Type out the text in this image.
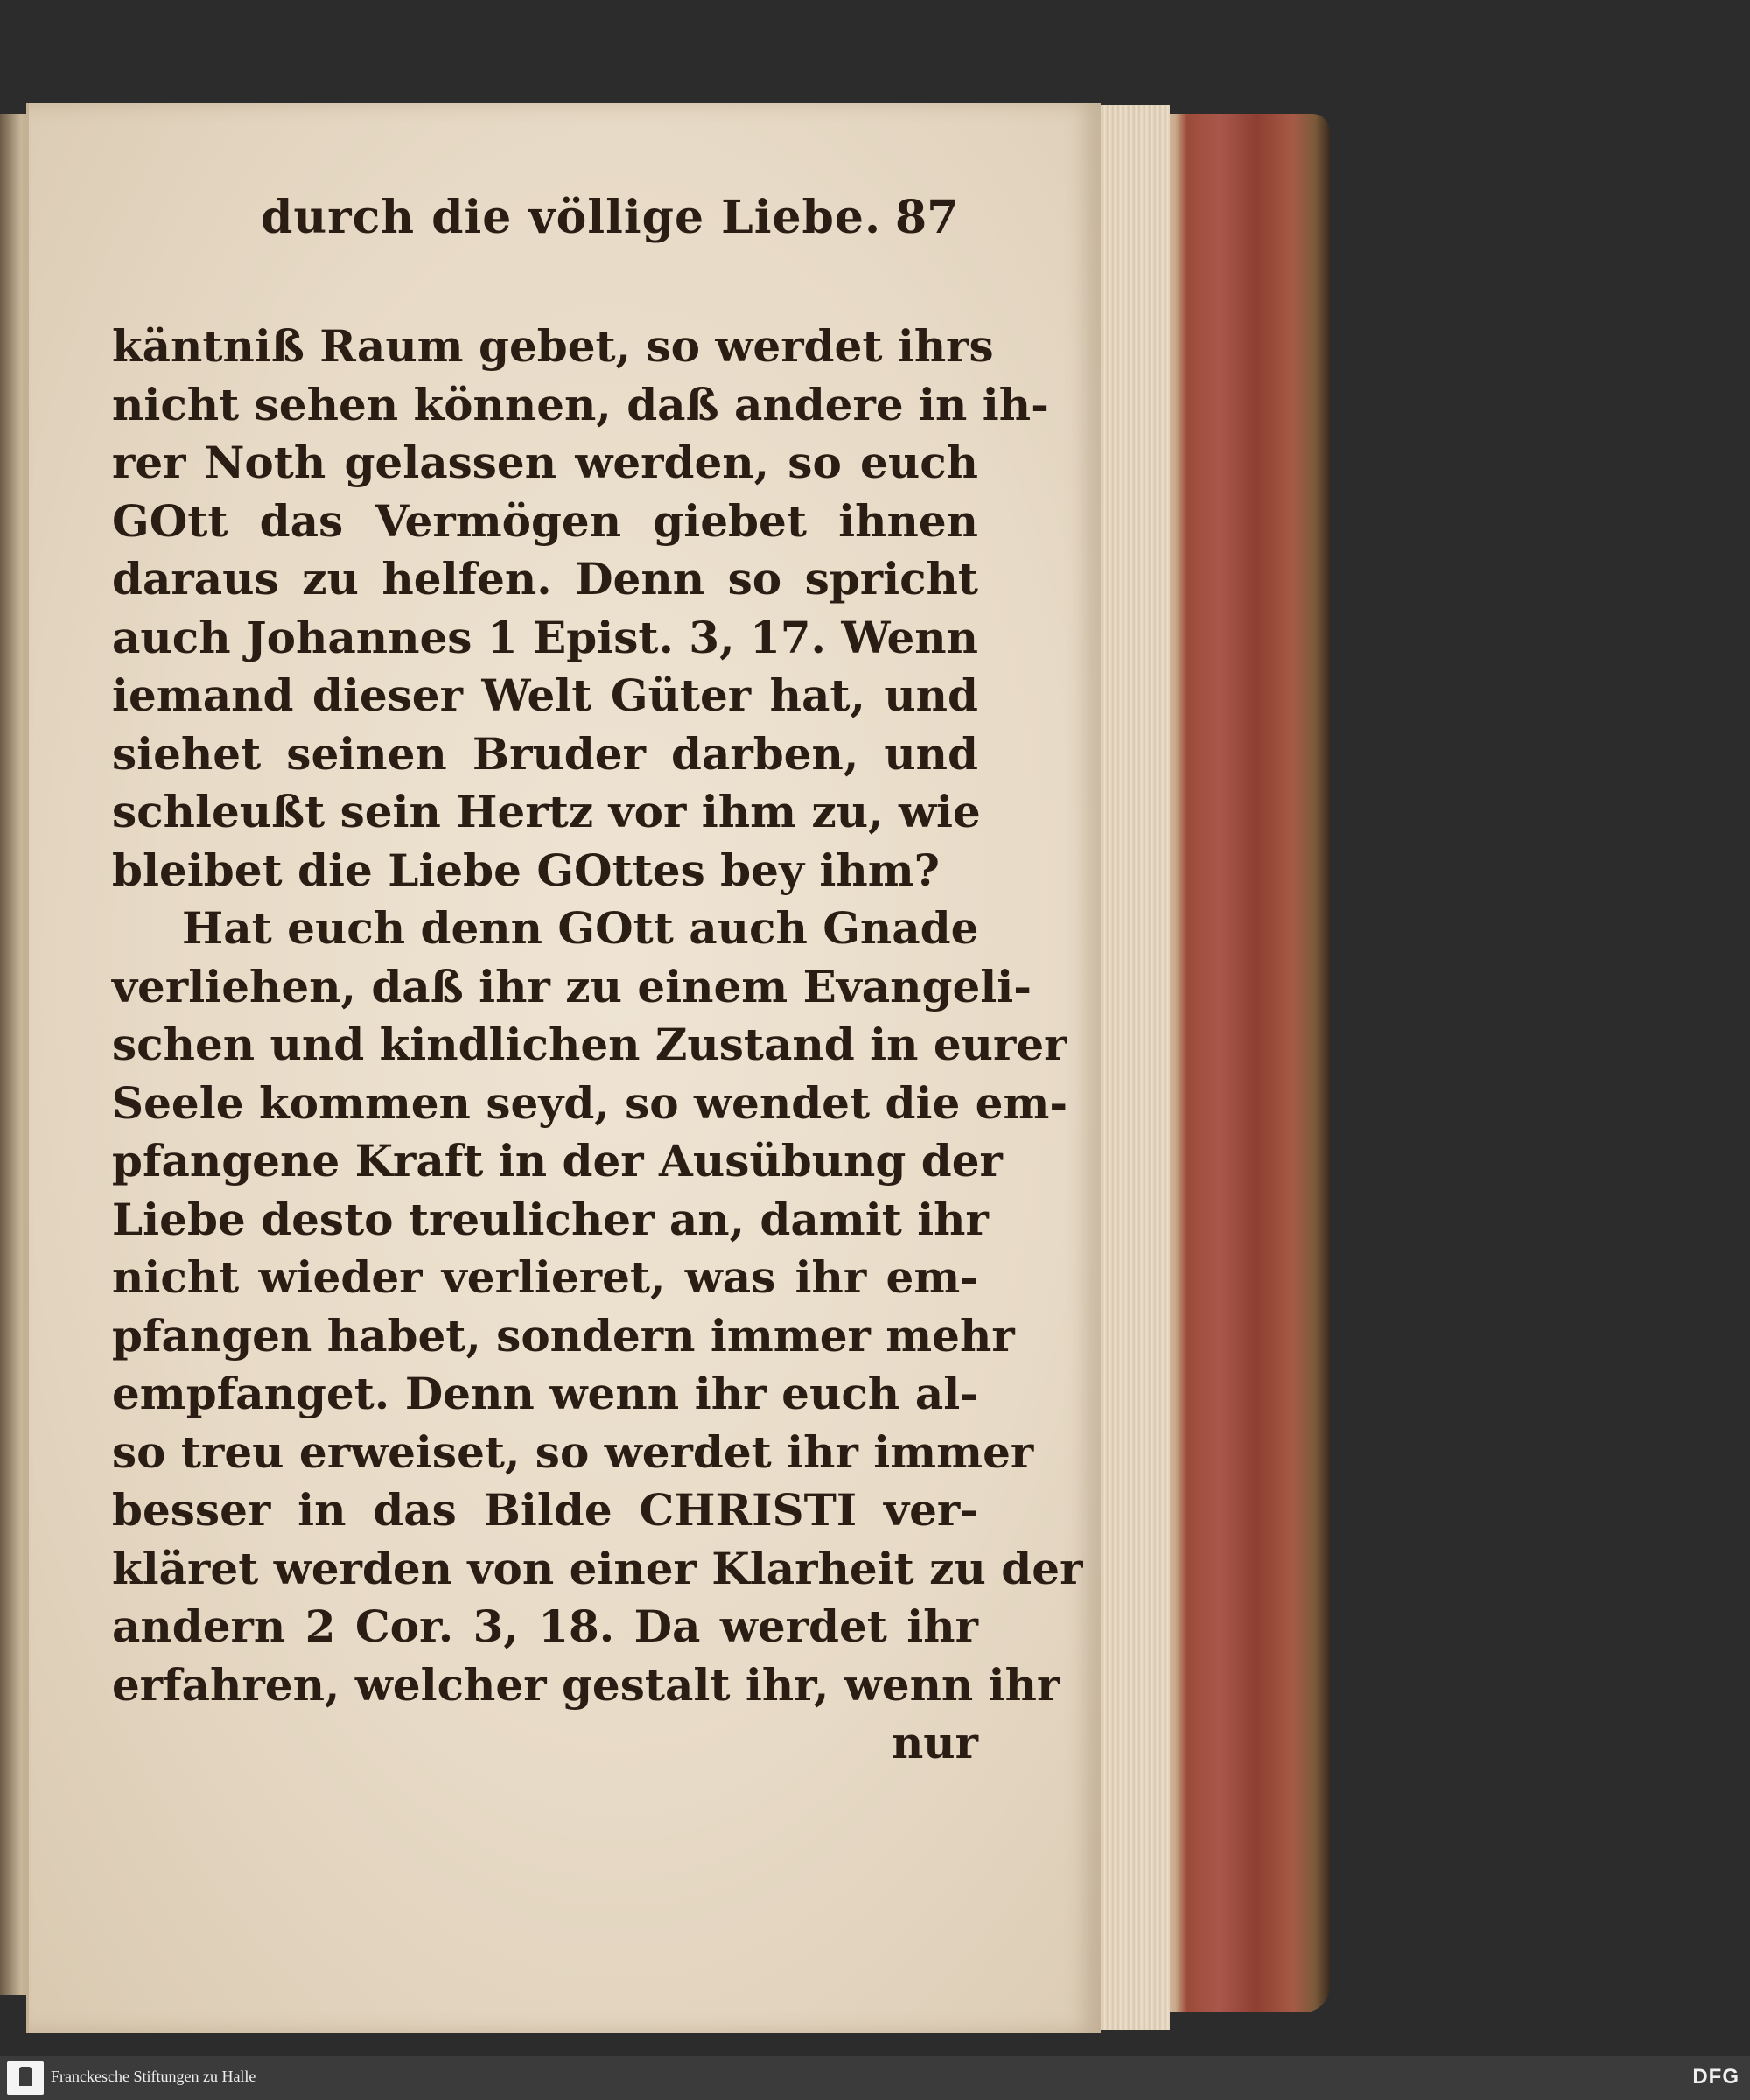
durch die völlige Liebe. 87
käntniß Raum gebet, so werdet ihrs
nicht sehen können, daß andere in ih-
rer Noth gelassen werden, so euch
GOtt das Vermögen giebet ihnen
daraus zu helfen. Denn so spricht
auch Johannes 1 Epist. 3, 17. Wenn
iemand dieser Welt Güter hat, und
siehet seinen Bruder darben, und
schleußt sein Hertz vor ihm zu, wie
bleibet die Liebe GOttes bey ihm?
Hat euch denn GOtt auch Gnade
verliehen, daß ihr zu einem Evangeli-
schen und kindlichen Zustand in eurer
Seele kommen seyd, so wendet die em-
pfangene Kraft in der Ausübung der
Liebe desto treulicher an, damit ihr
nicht wieder verlieret, was ihr em-
pfangen habet, sondern immer mehr
empfanget. Denn wenn ihr euch al-
so treu erweiset, so werdet ihr immer
besser in das Bilde CHRISTI ver-
kläret werden von einer Klarheit zu der
andern 2 Cor. 3, 18. Da werdet ihr
erfahren, welcher gestalt ihr, wenn ihr
nur
Franckesche Stiftungen zu Halle	DFG
